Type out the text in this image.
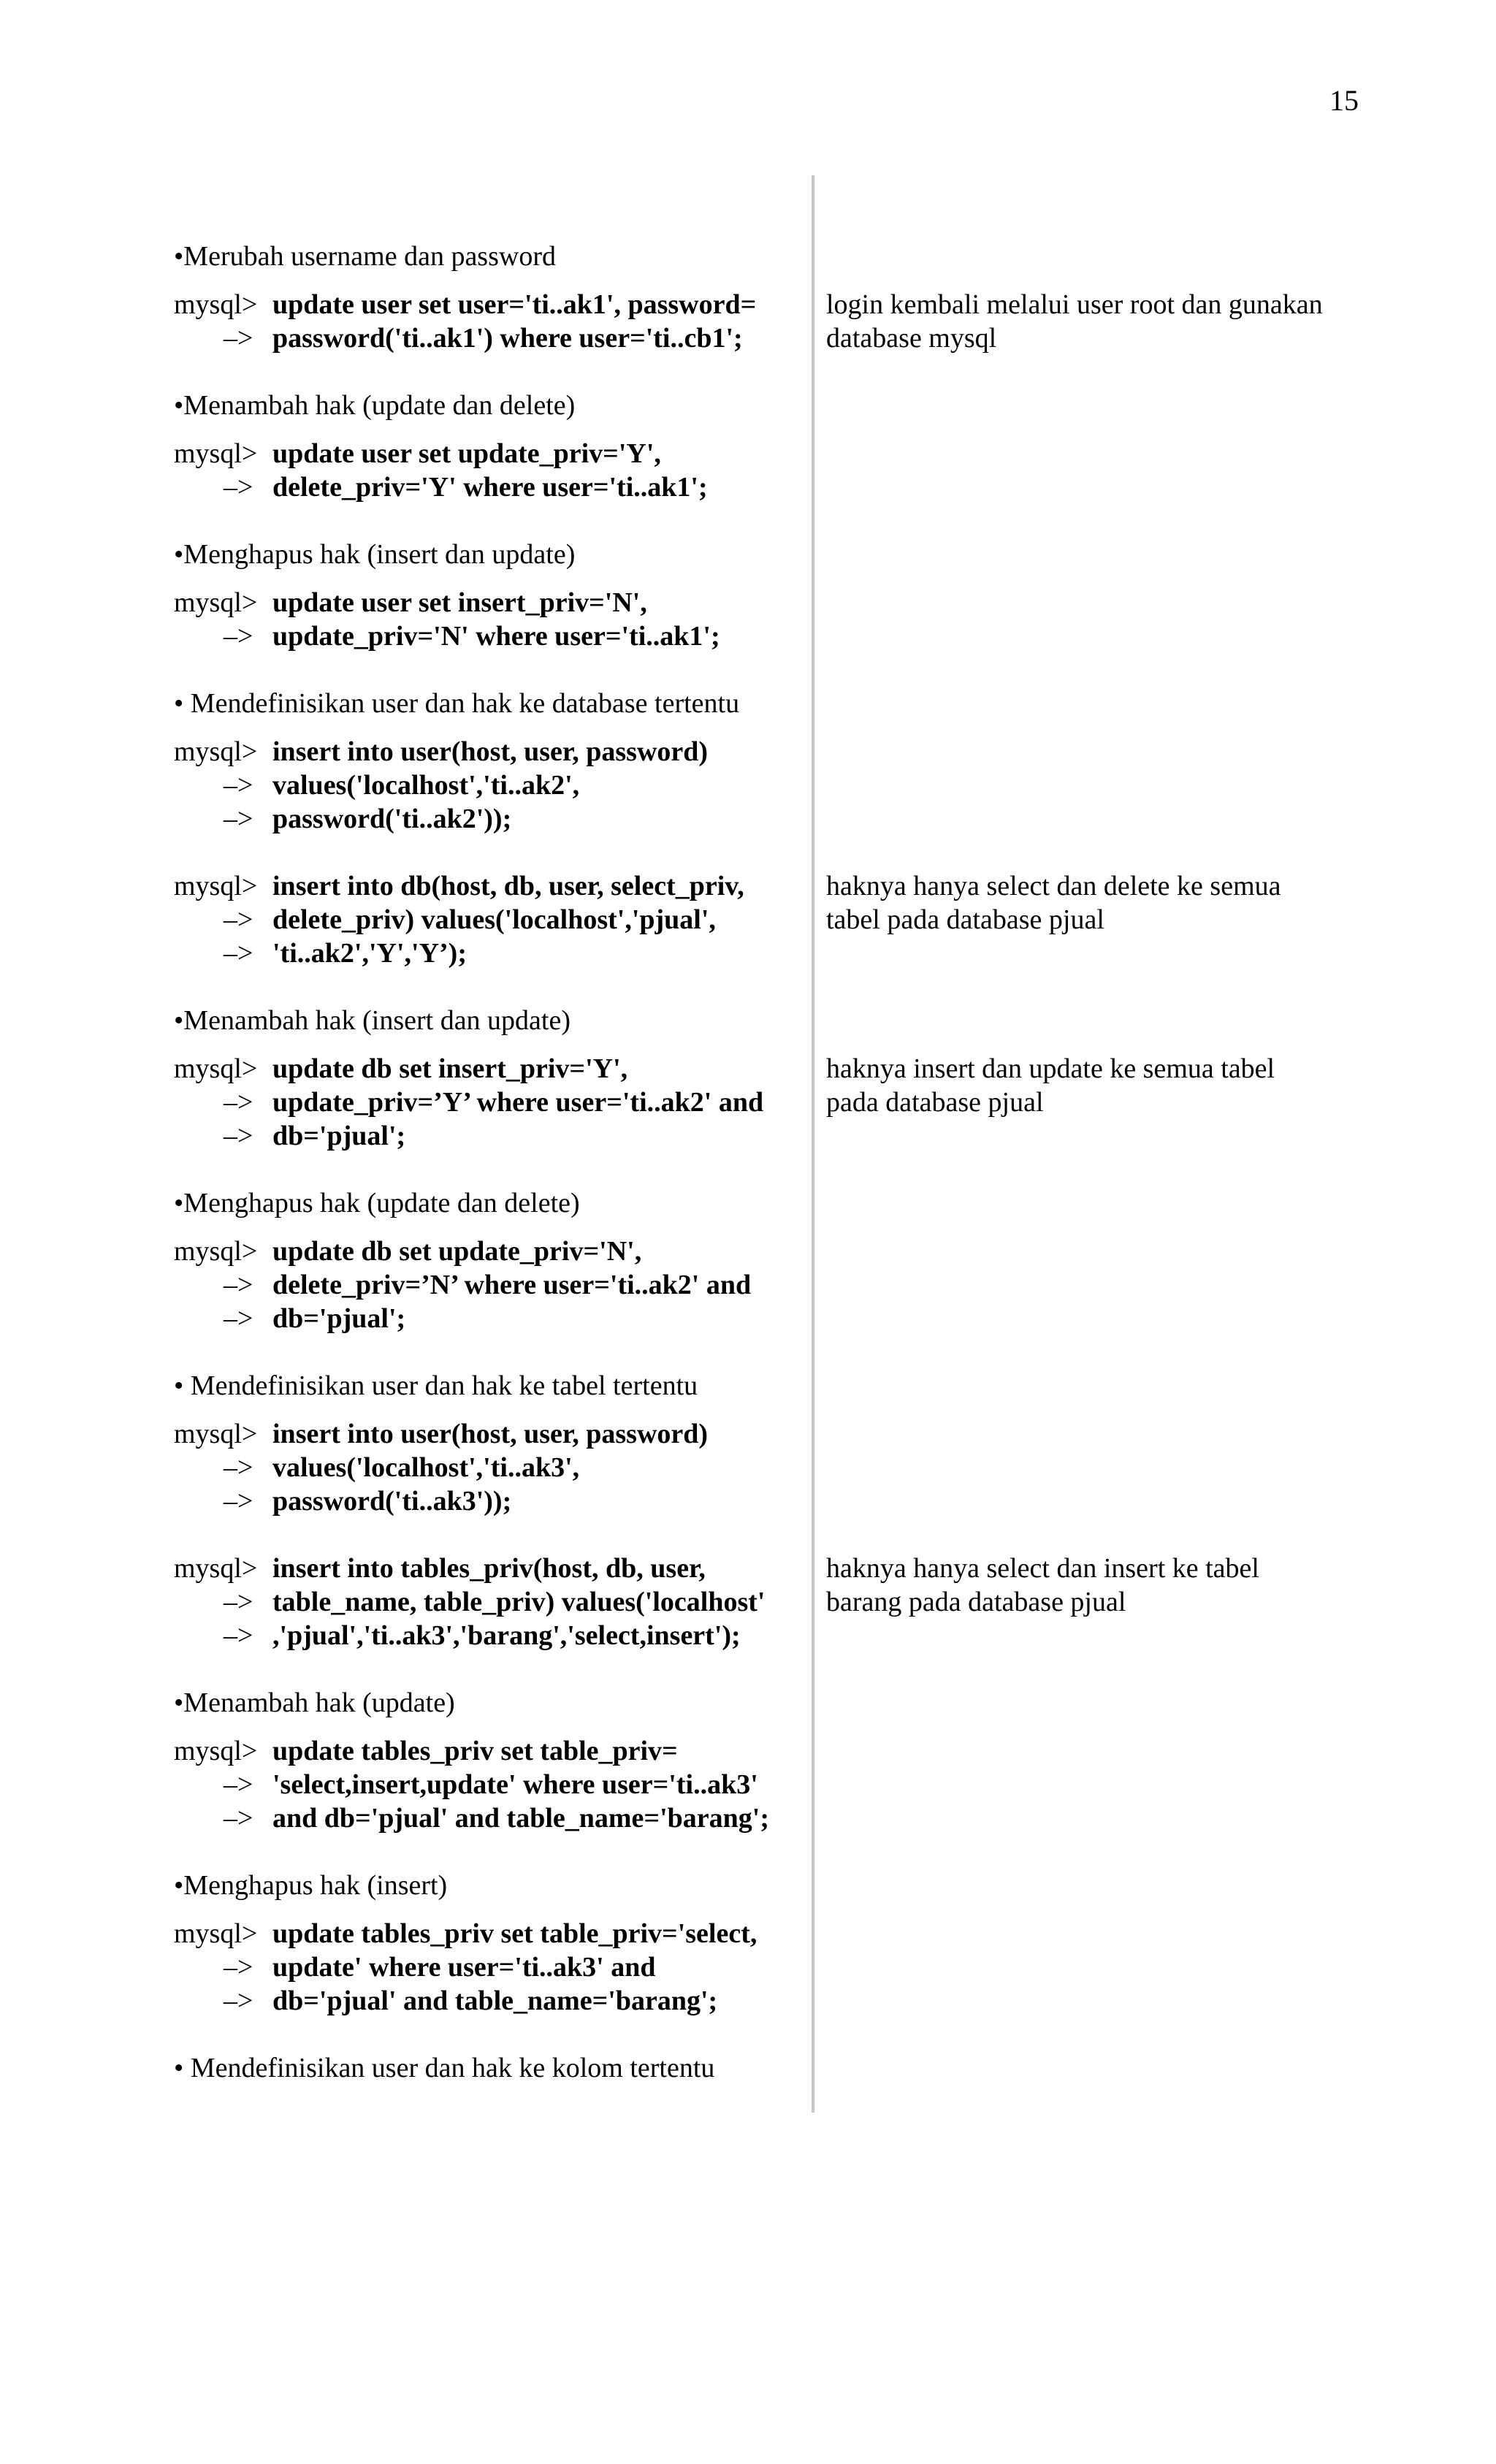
15
•Merubah username dan password
mysql> update user set user='ti..ak1', password=
–> password('ti..ak1') where user='ti..cb1';
login kembali melalui user root dan gunakan
database mysql
•Menambah hak (update dan delete)
mysql> update user set update_priv='Y',
–> delete_priv='Y' where user='ti..ak1';
•Menghapus hak (insert dan update)
mysql> update user set insert_priv='N',
–> update_priv='N' where user='ti..ak1';
• Mendefinisikan user dan hak ke database tertentu
mysql> insert into user(host, user, password)
–> values('localhost','ti..ak2',
–> password('ti..ak2'));
mysql> insert into db(host, db, user, select_priv,
–> delete_priv) values('localhost','pjual',
–> 'ti..ak2','Y','Y’);
haknya hanya select dan delete ke semua
tabel pada database pjual
•Menambah hak (insert dan update)
mysql> update db set insert_priv='Y',
–> update_priv=’Y’ where user='ti..ak2' and
–> db='pjual';
haknya insert dan update ke semua tabel
pada database pjual
•Menghapus hak (update dan delete)
mysql> update db set update_priv='N',
–> delete_priv=’N’ where user='ti..ak2' and
–> db='pjual';
• Mendefinisikan user dan hak ke tabel tertentu
mysql> insert into user(host, user, password)
–> values('localhost','ti..ak3',
–> password('ti..ak3'));
mysql> insert into tables_priv(host, db, user,
–> table_name, table_priv) values('localhost'
–> ,'pjual','ti..ak3','barang','select,insert');
haknya hanya select dan insert ke tabel
barang pada database pjual
•Menambah hak (update)
mysql> update tables_priv set table_priv=
–> 'select,insert,update' where user='ti..ak3'
–> and db='pjual' and table_name='barang';
•Menghapus hak (insert)
mysql> update tables_priv set table_priv='select,
–> update' where user='ti..ak3' and
–> db='pjual' and table_name='barang';
• Mendefinisikan user dan hak ke kolom tertentu
